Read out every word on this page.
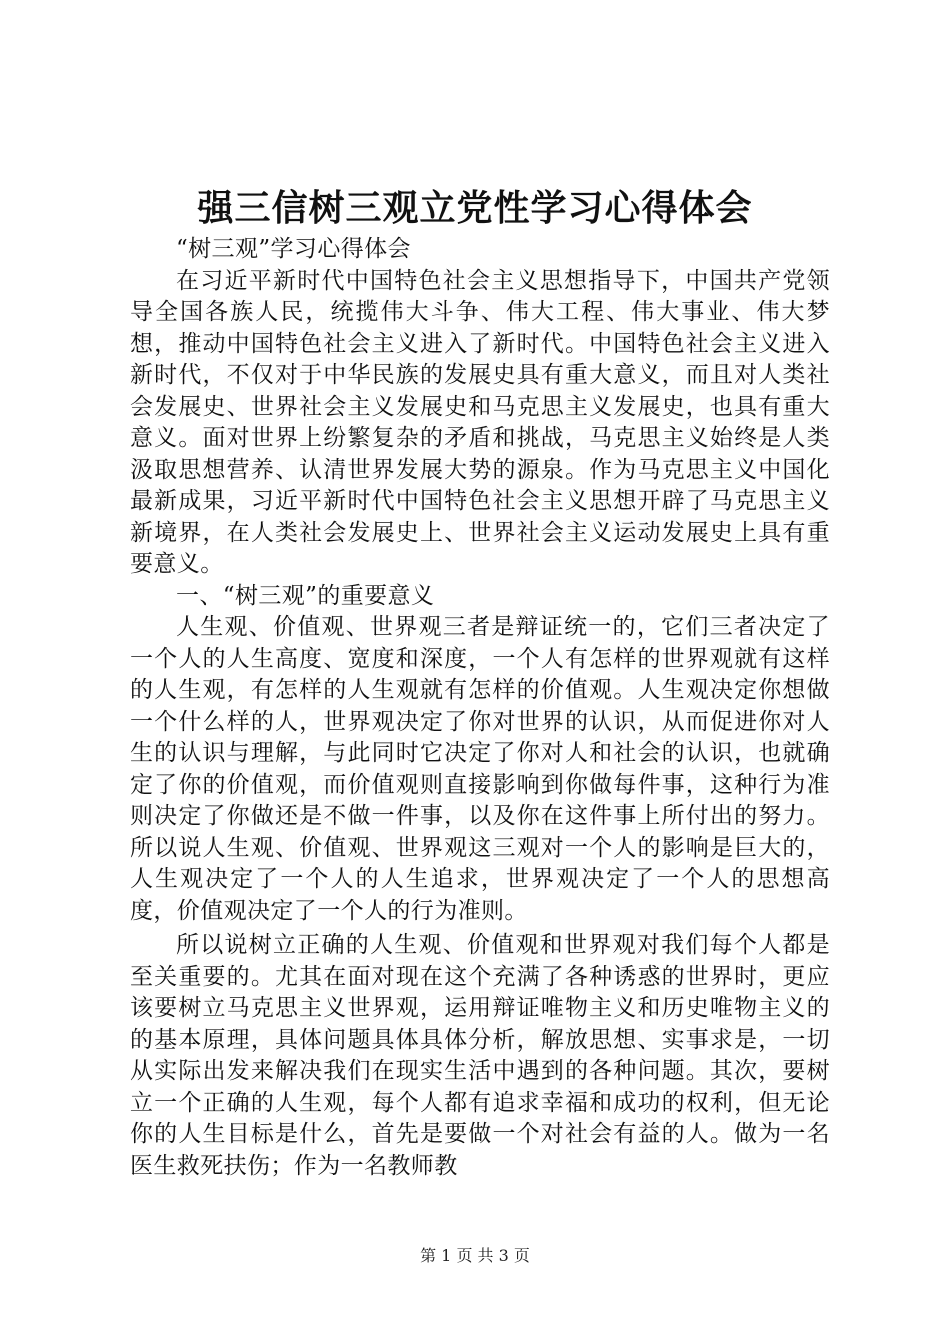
强三信树三观立党性学习心得体会

“树三观”学习心得体会

在习近平新时代中国特色社会主义思想指导下，中国共产党领导全国各族人民，统揽伟大斗争、伟大工程、伟大事业、伟大梦想，推动中国特色社会主义进入了新时代。中国特色社会主义进入新时代，不仅对于中华民族的发展史具有重大意义，而且对人类社会发展史、世界社会主义发展史和马克思主义发展史，也具有重大意义。面对世界上纷繁复杂的矛盾和挑战，马克思主义始终是人类汲取思想营养、认清世界发展大势的源泉。作为马克思主义中国化最新成果，习近平新时代中国特色社会主义思想开辟了马克思主义新境界，在人类社会发展史上、世界社会主义运动发展史上具有重要意义。

一、“树三观”的重要意义

人生观、价值观、世界观三者是辩证统一的，它们三者决定了一个人的人生高度、宽度和深度，一个人有怎样的世界观就有这样的人生观，有怎样的人生观就有怎样的价值观。人生观决定你想做一个什么样的人，世界观决定了你对世界的认识，从而促进你对人生的认识与理解，与此同时它决定了你对人和社会的认识，也就确定了你的价值观，而价值观则直接影响到你做每件事，这种行为准则决定了你做还是不做一件事，以及你在这件事上所付出的努力。所以说人生观、价值观、世界观这三观对一个人的影响是巨大的，人生观决定了一个人的人生追求，世界观决定了一个人的思想高度，价值观决定了一个人的行为准则。

所以说树立正确的人生观、价值观和世界观对我们每个人都是至关重要的。尤其在面对现在这个充满了各种诱惑的世界时，更应该要树立马克思主义世界观，运用辩证唯物主义和历史唯物主义的的基本原理，具体问题具体具体分析，解放思想、实事求是，一切从实际出发来解决我们在现实生活中遇到的各种问题。其次，要树立一个正确的人生观，每个人都有追求幸福和成功的权利，但无论你的人生目标是什么，首先是要做一个对社会有益的人。做为一名医生救死扶伤；作为一名教师教

第 1 页 共 3 页
